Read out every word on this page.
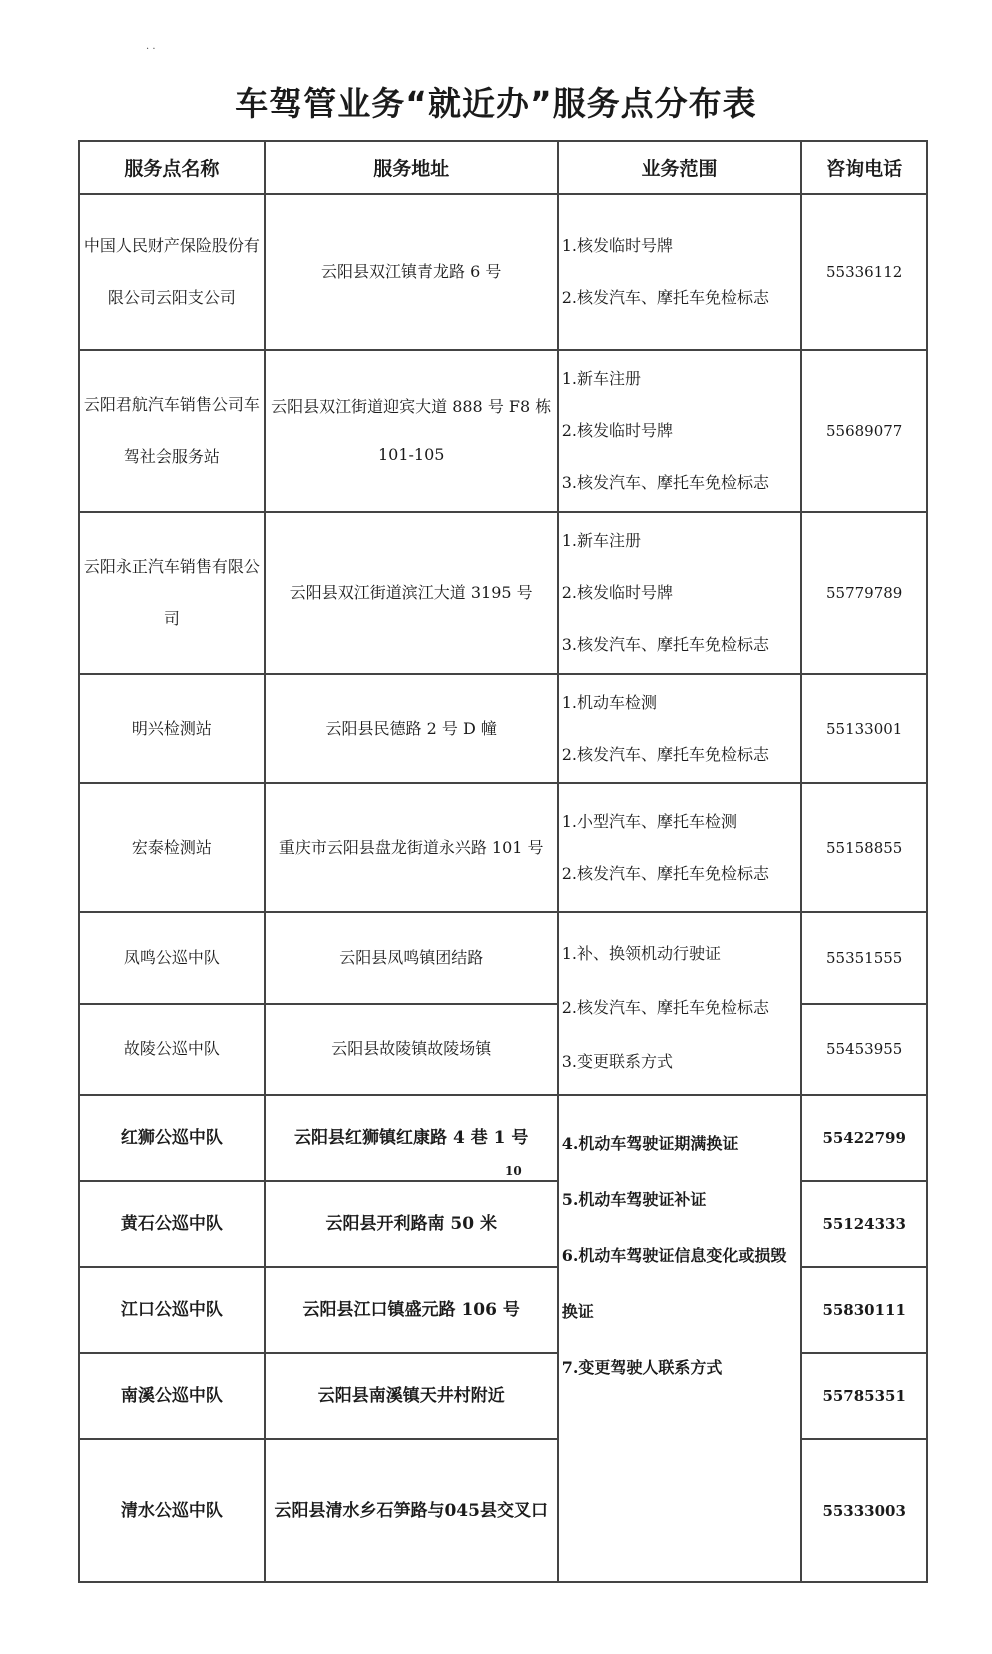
· ·
车驾管业务“就近办”服务点分布表
服务点名称	服务地址	业务范围	咨询电话
中国人民财产保险股份有限公司云阳支公司	云阳县双江镇青龙路 6 号	1.核发临时号牌
2.核发汽车、摩托车免检标志	55336112
云阳君航汽车销售公司车驾社会服务站	云阳县双江街道迎宾大道 888 号 F8 栋 101-105	1.新车注册
2.核发临时号牌
3.核发汽车、摩托车免检标志	55689077
云阳永正汽车销售有限公司	云阳县双江街道滨江大道 3195 号	1.新车注册
2.核发临时号牌
3.核发汽车、摩托车免检标志	55779789
明兴检测站	云阳县民德路 2 号 D 幢	1.机动车检测
2.核发汽车、摩托车免检标志	55133001
宏泰检测站	重庆市云阳县盘龙街道永兴路 101 号	1.小型汽车、摩托车检测
2.核发汽车、摩托车免检标志	55158855
凤鸣公巡中队	云阳县凤鸣镇团结路	1.补、换领机动行驶证
2.核发汽车、摩托车免检标志
3.变更联系方式	55351555
故陵公巡中队	云阳县故陵镇故陵场镇		55453955
红狮公巡中队	云阳县红狮镇红康路 4 巷 1 号
10	4.机动车驾驶证期满换证
5.机动车驾驶证补证
6.机动车驾驶证信息变化或损毁换证
7.变更驾驶人联系方式	55422799
黄石公巡中队	云阳县开利路南 50 米		55124333
江口公巡中队	云阳县江口镇盛元路 106 号		55830111
南溪公巡中队	云阳县南溪镇天井村附近		55785351
清水公巡中队	云阳县清水乡石笋路与045县交叉口		55333003
